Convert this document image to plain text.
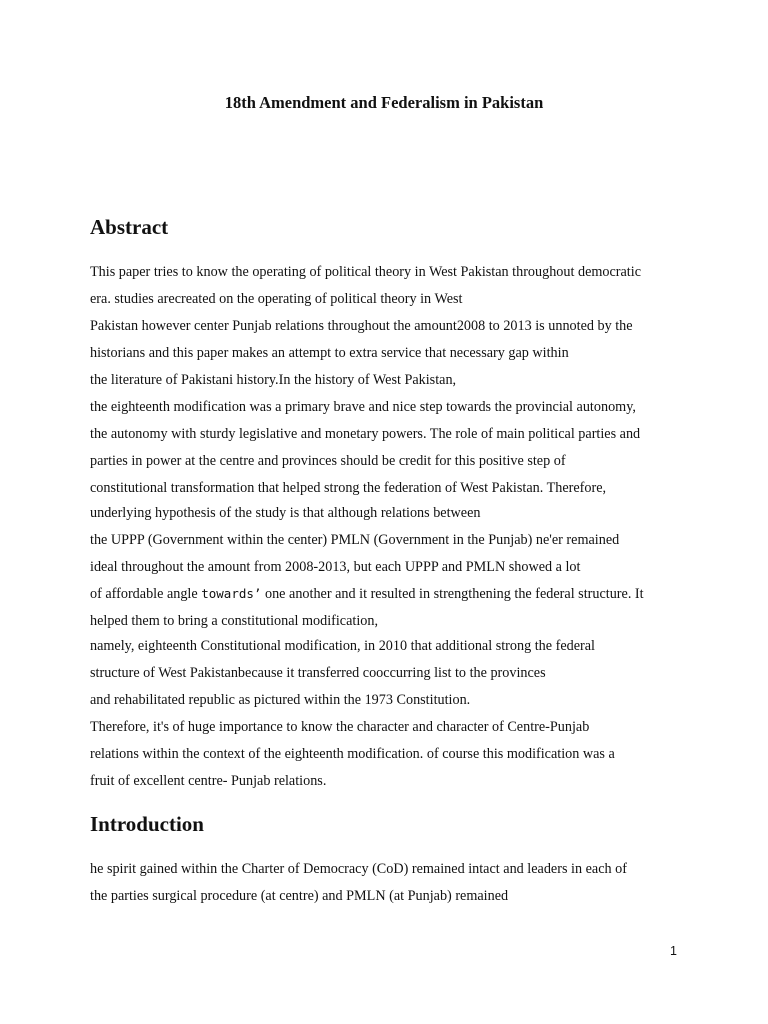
18th Amendment and Federalism in Pakistan
Abstract
This paper tries to know the operating of political theory in West Pakistan throughout democratic
era. studies arecreated on the operating of political theory in West
Pakistan however center Punjab relations throughout the amount2008 to 2013 is unnoted by the
historians and this paper makes an attempt to extra service that necessary gap within
the literature of Pakistani history.In the history of West Pakistan,
the eighteenth modification was a primary brave and nice step towards the provincial autonomy,
the autonomy with sturdy legislative and monetary powers. The role of main political parties and
parties in power at the centre and provinces should be credit for this positive step of
constitutional transformation that helped strong the federation of West Pakistan. Therefore,
underlying hypothesis of the study is that although relations between
the UPPP (Government within the center) PMLN (Government in the Punjab) ne'er remained
ideal throughout the amount from 2008-2013, but each UPPP and PMLN showed a lot
of affordable angle towards’ one another and it resulted in strengthening the federal structure. It
helped them to bring a constitutional modification,
namely, eighteenth Constitutional modification, in 2010 that additional strong the federal
structure of West Pakistanbecause it transferred cooccurring list to the provinces
and rehabilitated republic as pictured within the 1973 Constitution.
Therefore, it's of huge importance to know the character and character of Centre-Punjab
relations within the context of the eighteenth modification. of course this modification was a
fruit of excellent centre- Punjab relations.
Introduction
he spirit gained within the Charter of Democracy (CoD) remained intact and leaders in each of
the parties surgical procedure (at centre) and PMLN (at Punjab) remained
1
